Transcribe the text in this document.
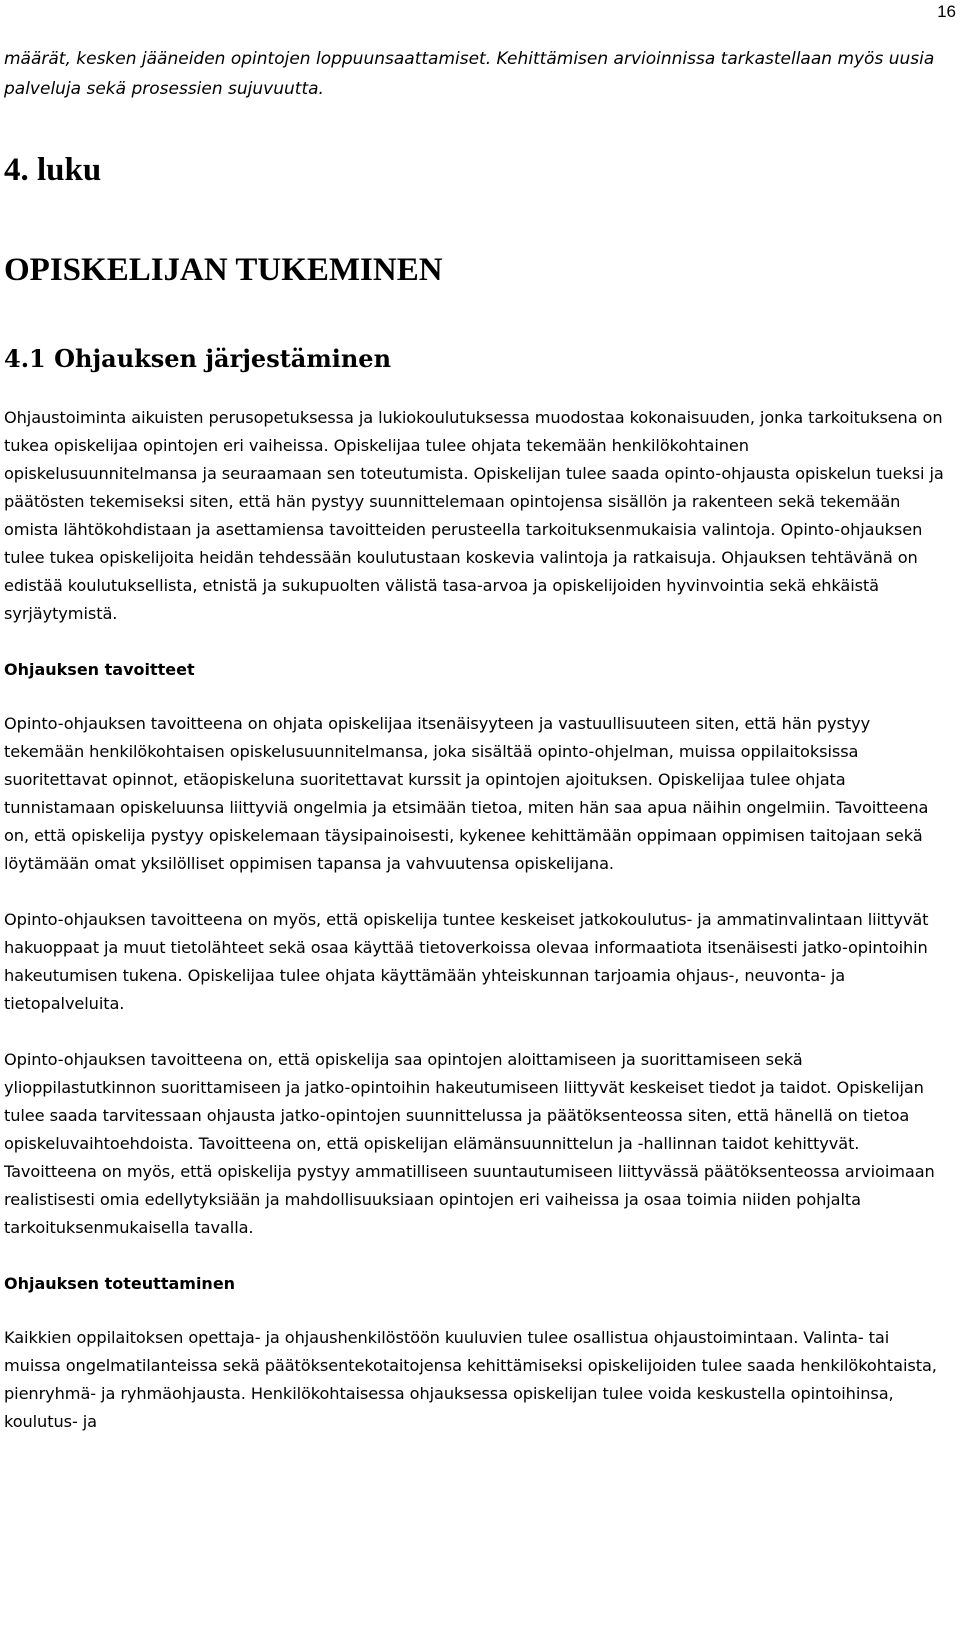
16

määrät, kesken jääneiden opintojen loppuunsaattamiset. Kehittämisen arvioinnissa tarkastellaan myös uusia palveluja sekä prosessien sujuvuutta.

4. luku
OPISKELIJAN TUKEMINEN
4.1 Ohjauksen järjestäminen

Ohjaustoiminta aikuisten perusopetuksessa ja lukiokoulutuksessa muodostaa kokonaisuuden, jonka tarkoituksena on tukea opiskelijaa opintojen eri vaiheissa. Opiskelijaa tulee ohjata tekemään henkilökohtainen opiskelusuunnitelmansa ja seuraamaan sen toteutumista. Opiskelijan tulee saada opinto-ohjausta opiskelun tueksi ja päätösten tekemiseksi siten, että hän pystyy suunnittelemaan opintojensa sisällön ja rakenteen sekä tekemään omista lähtökohdistaan ja asettamiensa tavoitteiden perusteella tarkoituksenmukaisia valintoja. Opinto-ohjauksen tulee tukea opiskelijoita heidän tehdessään koulutustaan koskevia valintoja ja ratkaisuja. Ohjauksen tehtävänä on edistää koulutuksellista, etnistä ja sukupuolten välistä tasa-arvoa ja opiskelijoiden hyvinvointia sekä ehkäistä syrjäytymistä.

Ohjauksen tavoitteet

Opinto-ohjauksen tavoitteena on ohjata opiskelijaa itsenäisyyteen ja vastuullisuuteen siten, että hän pystyy tekemään henkilökohtaisen opiskelusuunnitelmansa, joka sisältää opinto-ohjelman, muissa oppilaitoksissa suoritettavat opinnot, etäopiskeluna suoritettavat kurssit ja opintojen ajoituksen. Opiskelijaa tulee ohjata tunnistamaan opiskeluunsa liittyviä ongelmia ja etsimään tietoa, miten hän saa apua näihin ongelmiin. Tavoitteena on, että opiskelija pystyy opiskelemaan täysipainoisesti, kykenee kehittämään oppimaan oppimisen taitojaan sekä löytämään omat yksilölliset oppimisen tapansa ja vahvuutensa opiskelijana.

Opinto-ohjauksen tavoitteena on myös, että opiskelija tuntee keskeiset jatkokoulutus- ja ammatinvalintaan liittyvät hakuoppaat ja muut tietolähteet sekä osaa käyttää tietoverkoissa olevaa informaatiota itsenäisesti jatko-opintoihin hakeutumisen tukena. Opiskelijaa tulee ohjata käyttämään yhteiskunnan tarjoamia ohjaus-, neuvonta- ja tietopalveluita.

Opinto-ohjauksen tavoitteena on, että opiskelija saa opintojen aloittamiseen ja suorittamiseen sekä ylioppilastutkinnon suorittamiseen ja jatko-opintoihin hakeutumiseen liittyvät keskeiset tiedot ja taidot. Opiskelijan tulee saada tarvitessaan ohjausta jatko-opintojen suunnittelussa ja päätöksenteossa siten, että hänellä on tietoa opiskeluvaihtoehdoista. Tavoitteena on, että opiskelijan elämänsuunnittelun ja -hallinnan taidot kehittyvät. Tavoitteena on myös, että opiskelija pystyy ammatilliseen suuntautumiseen liittyvässä päätöksenteossa arvioimaan realistisesti omia edellytyksiään ja mahdollisuuksiaan opintojen eri vaiheissa ja osaa toimia niiden pohjalta tarkoituksenmukaisella tavalla.

Ohjauksen toteuttaminen

Kaikkien oppilaitoksen opettaja- ja ohjaushenkilöstöön kuuluvien tulee osallistua ohjaustoimintaan. Valinta- tai muissa ongelmatilanteissa sekä päätöksentekotaitojensa kehittämiseksi opiskelijoiden tulee saada henkilökohtaista, pienryhmä- ja ryhmäohjausta. Henkilökohtaisessa ohjauksessa opiskelijan tulee voida keskustella opintoihinsa, koulutus- ja
